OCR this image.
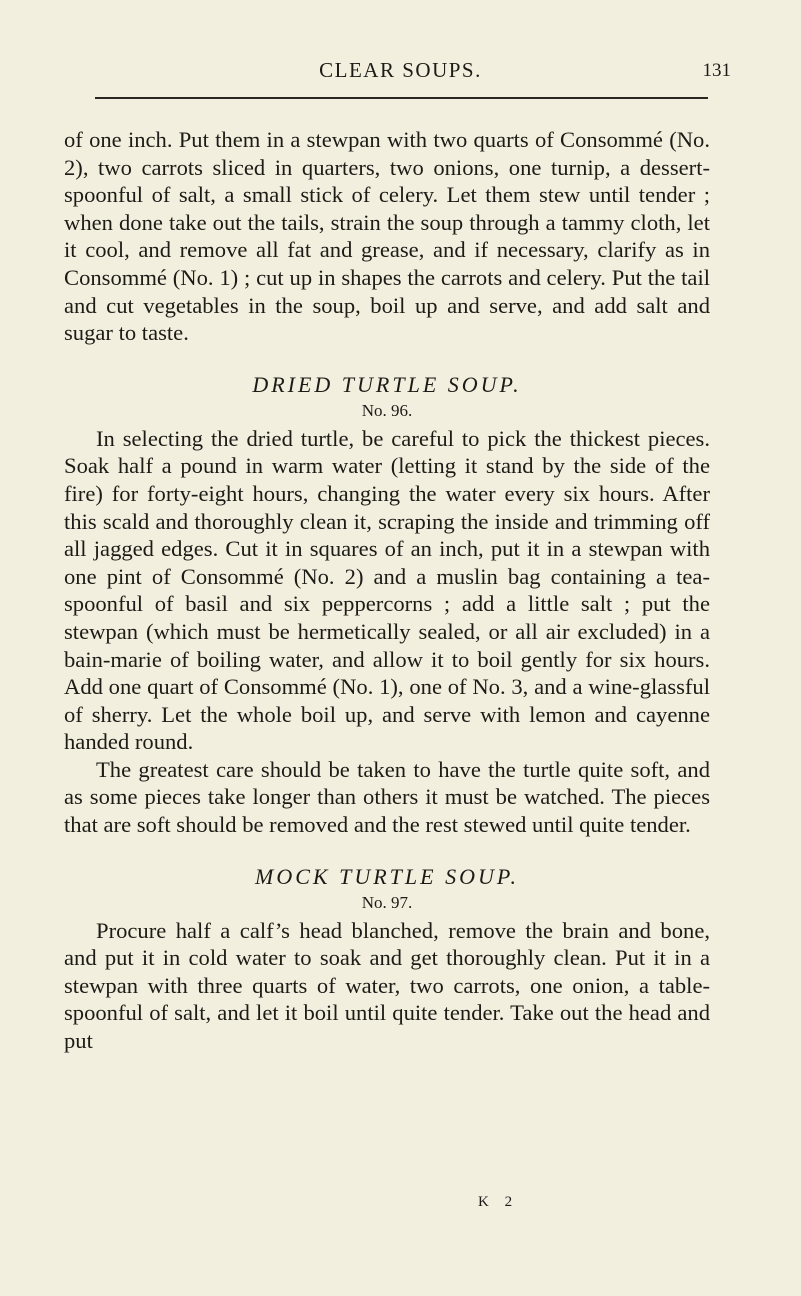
CLEAR SOUPS.	131

of one inch. Put them in a stewpan with two quarts of Consommé (No. 2), two carrots sliced in quarters, two onions, one turnip, a dessert-spoonful of salt, a small stick of celery. Let them stew until tender ; when done take out the tails, strain the soup through a tammy cloth, let it cool, and remove all fat and grease, and if necessary, clarify as in Consommé (No. 1) ; cut up in shapes the carrots and celery. Put the tail and cut vegetables in the soup, boil up and serve, and add salt and sugar to taste.

DRIED TURTLE SOUP.
No. 96.

In selecting the dried turtle, be careful to pick the thickest pieces. Soak half a pound in warm water (letting it stand by the side of the fire) for forty-eight hours, changing the water every six hours. After this scald and thoroughly clean it, scraping the inside and trimming off all jagged edges. Cut it in squares of an inch, put it in a stewpan with one pint of Consommé (No. 2) and a muslin bag containing a tea-spoonful of basil and six peppercorns ; add a little salt ; put the stewpan (which must be hermetically sealed, or all air excluded) in a bain-marie of boiling water, and allow it to boil gently for six hours. Add one quart of Consommé (No. 1), one of No. 3, and a wine-glassful of sherry. Let the whole boil up, and serve with lemon and cayenne handed round.

The greatest care should be taken to have the turtle quite soft, and as some pieces take longer than others it must be watched. The pieces that are soft should be removed and the rest stewed until quite tender.

MOCK TURTLE SOUP.
No. 97.

Procure half a calf’s head blanched, remove the brain and bone, and put it in cold water to soak and get thoroughly clean. Put it in a stewpan with three quarts of water, two carrots, one onion, a table-spoonful of salt, and let it boil until quite tender. Take out the head and put

K 2
